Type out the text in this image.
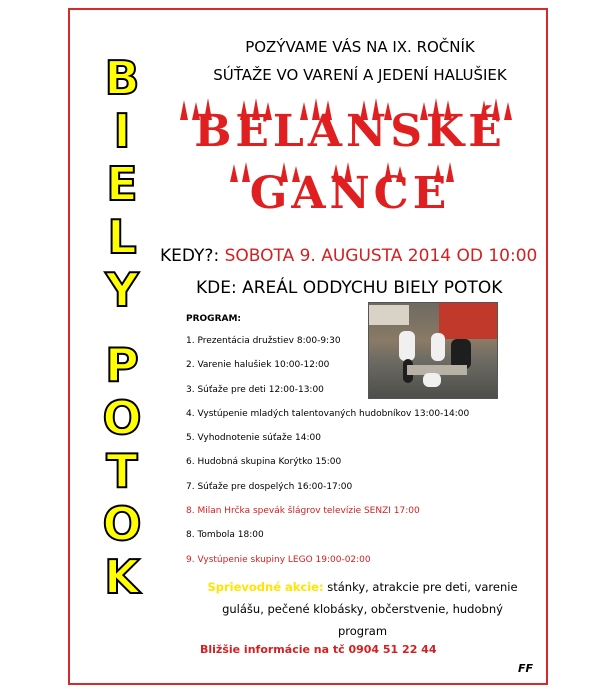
B
I
E
L
Y
P
O
T
O
K
POZÝVAME VÁS NA IX. ROČNÍK
SÚŤAŽE VO VARENÍ A JEDENÍ HALUŠIEK
BELANSKÉ
GANCE
KEDY?: SOBOTA 9. AUGUSTA 2014 OD 10:00
KDE: AREÁL ODDYCHU BIELY POTOK
PROGRAM:
1. Prezentácia družstiev 8:00-9:30
2. Varenie halušiek 10:00-12:00
3. Súťaže pre deti 12:00-13:00
4. Vystúpenie mladých talentovaných hudobníkov 13:00-14:00
5. Vyhodnotenie súťaže 14:00
6. Hudobná skupina Korýtko 15:00
7. Súťaže pre dospelých 16:00-17:00
8. Milan Hrčka spevák šlágrov televízie SENZI 17:00
8. Tombola 18:00
9. Vystúpenie skupiny LEGO 19:00-02:00
Sprievodné akcie: stánky, atrakcie pre deti, varenie
gulášu, pečené klobásky, občerstvenie, hudobný
program
Bližšie informácie na tč 0904 51 22 44
FF
